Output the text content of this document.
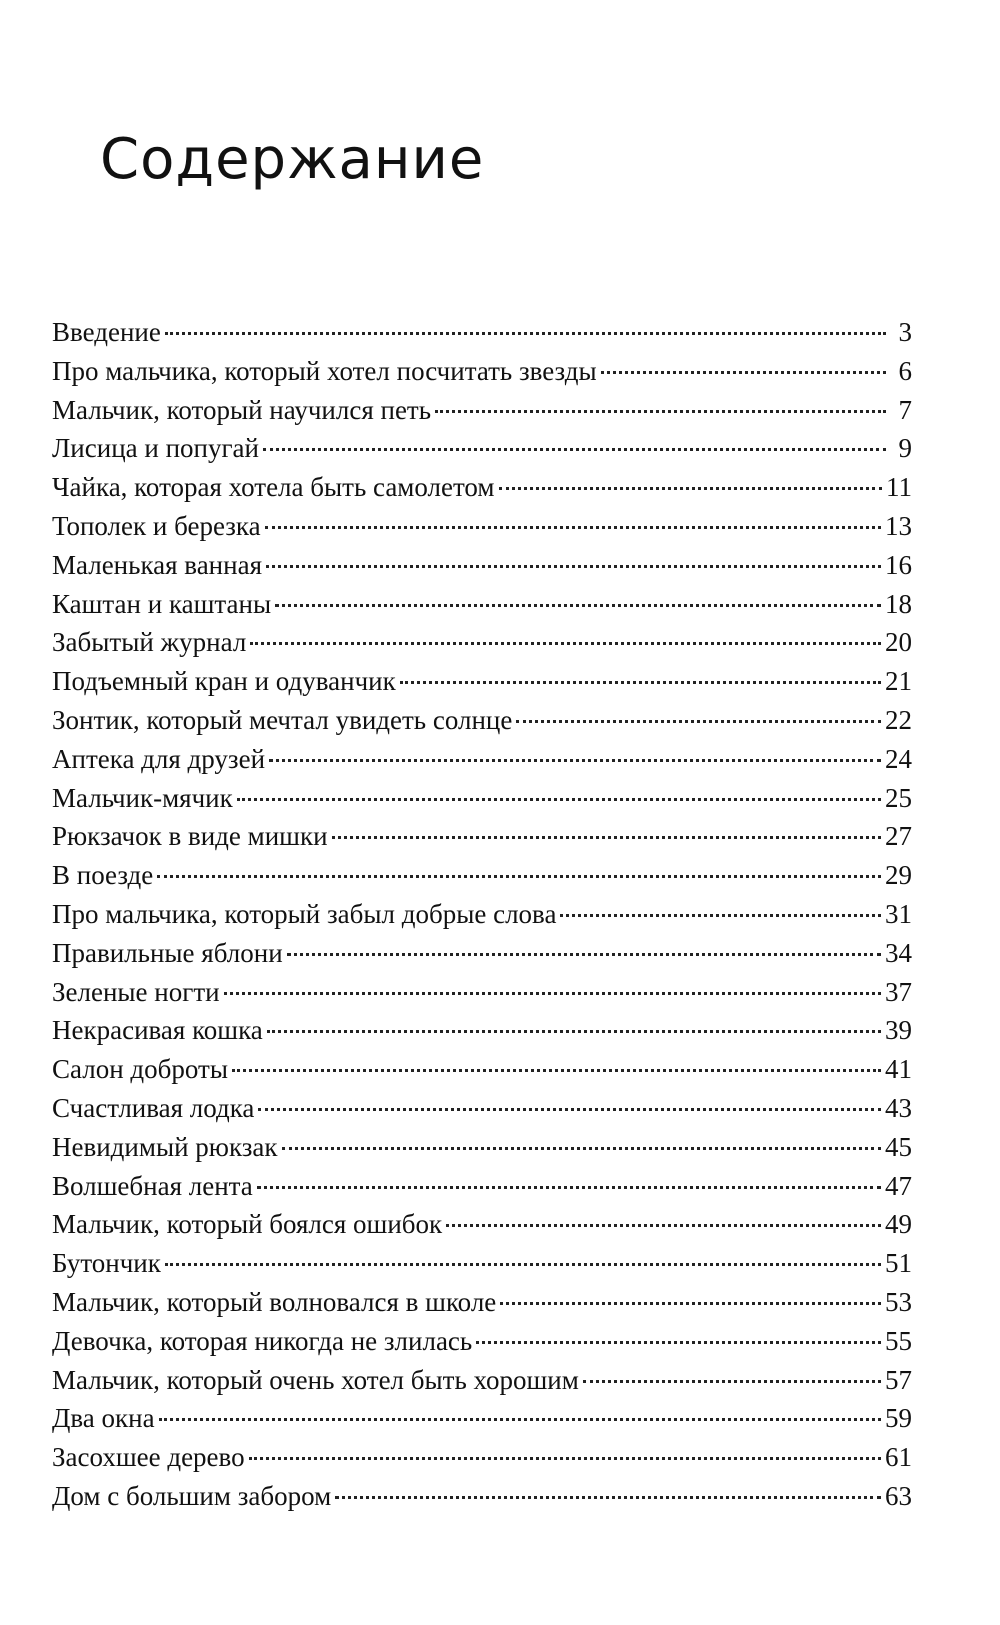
Содержание
Введение	3
Про мальчика, который хотел посчитать звезды	6
Мальчик, который научился петь	7
Лисица и попугай	9
Чайка, которая хотела быть самолетом	11
Тополек и березка	13
Маленькая ванная	16
Каштан и каштаны	18
Забытый журнал	20
Подъемный кран и одуванчик	21
Зонтик, который мечтал увидеть солнце	22
Аптека для друзей	24
Мальчик-мячик	25
Рюкзачок в виде мишки	27
В поезде	29
Про мальчика, который забыл добрые слова	31
Правильные яблони	34
Зеленые ногти	37
Некрасивая кошка	39
Салон доброты	41
Счастливая лодка	43
Невидимый рюкзак	45
Волшебная лента	47
Мальчик, который боялся ошибок	49
Бутончик	51
Мальчик, который волновался в школе	53
Девочка, которая никогда не злилась	55
Мальчик, который очень хотел быть хорошим	57
Два окна	59
Засохшее дерево	61
Дом с большим забором	63
